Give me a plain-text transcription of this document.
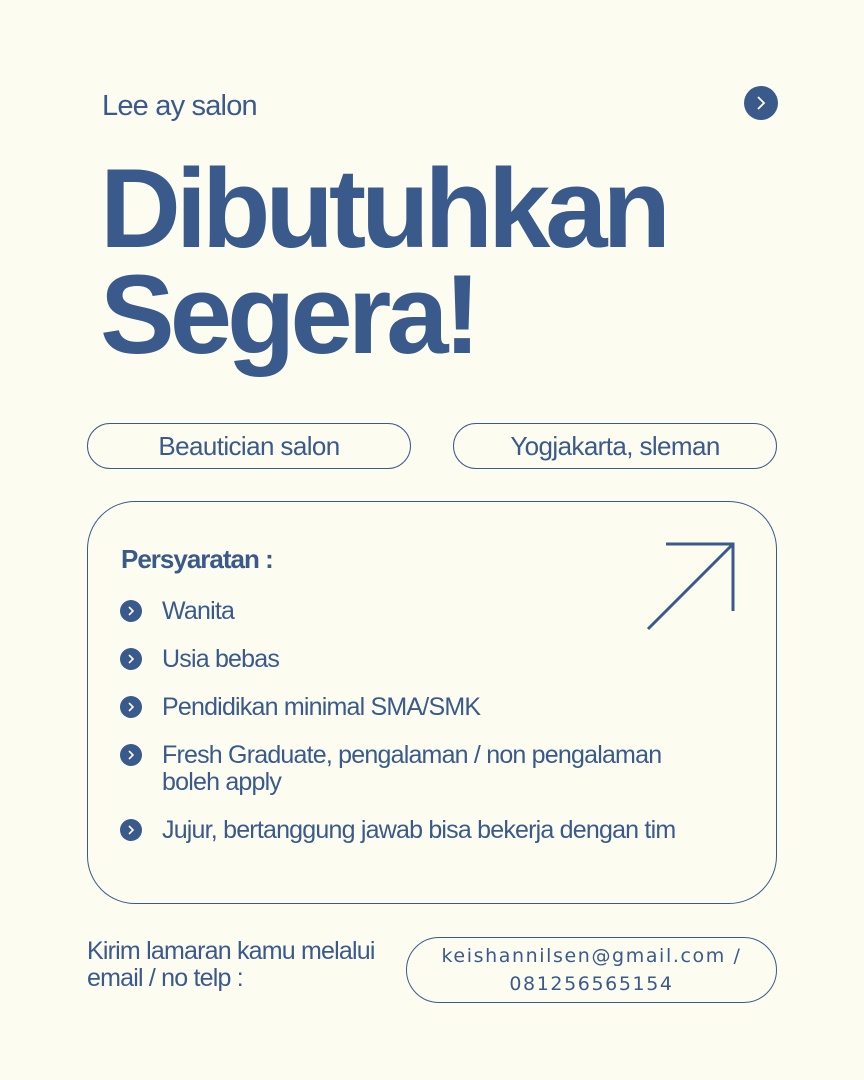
Lee ay salon
Dibutuhkan
Segera!
Beautician salon	Yogjakarta, sleman
Persyaratan :
Wanita
Usia bebas
Pendidikan minimal SMA/SMK
Fresh Graduate, pengalaman / non pengalaman boleh apply
Jujur, bertanggung jawab bisa bekerja dengan tim
Kirim lamaran kamu melalui email / no telp :
keishannilsen@gmail.com /
081256565154
